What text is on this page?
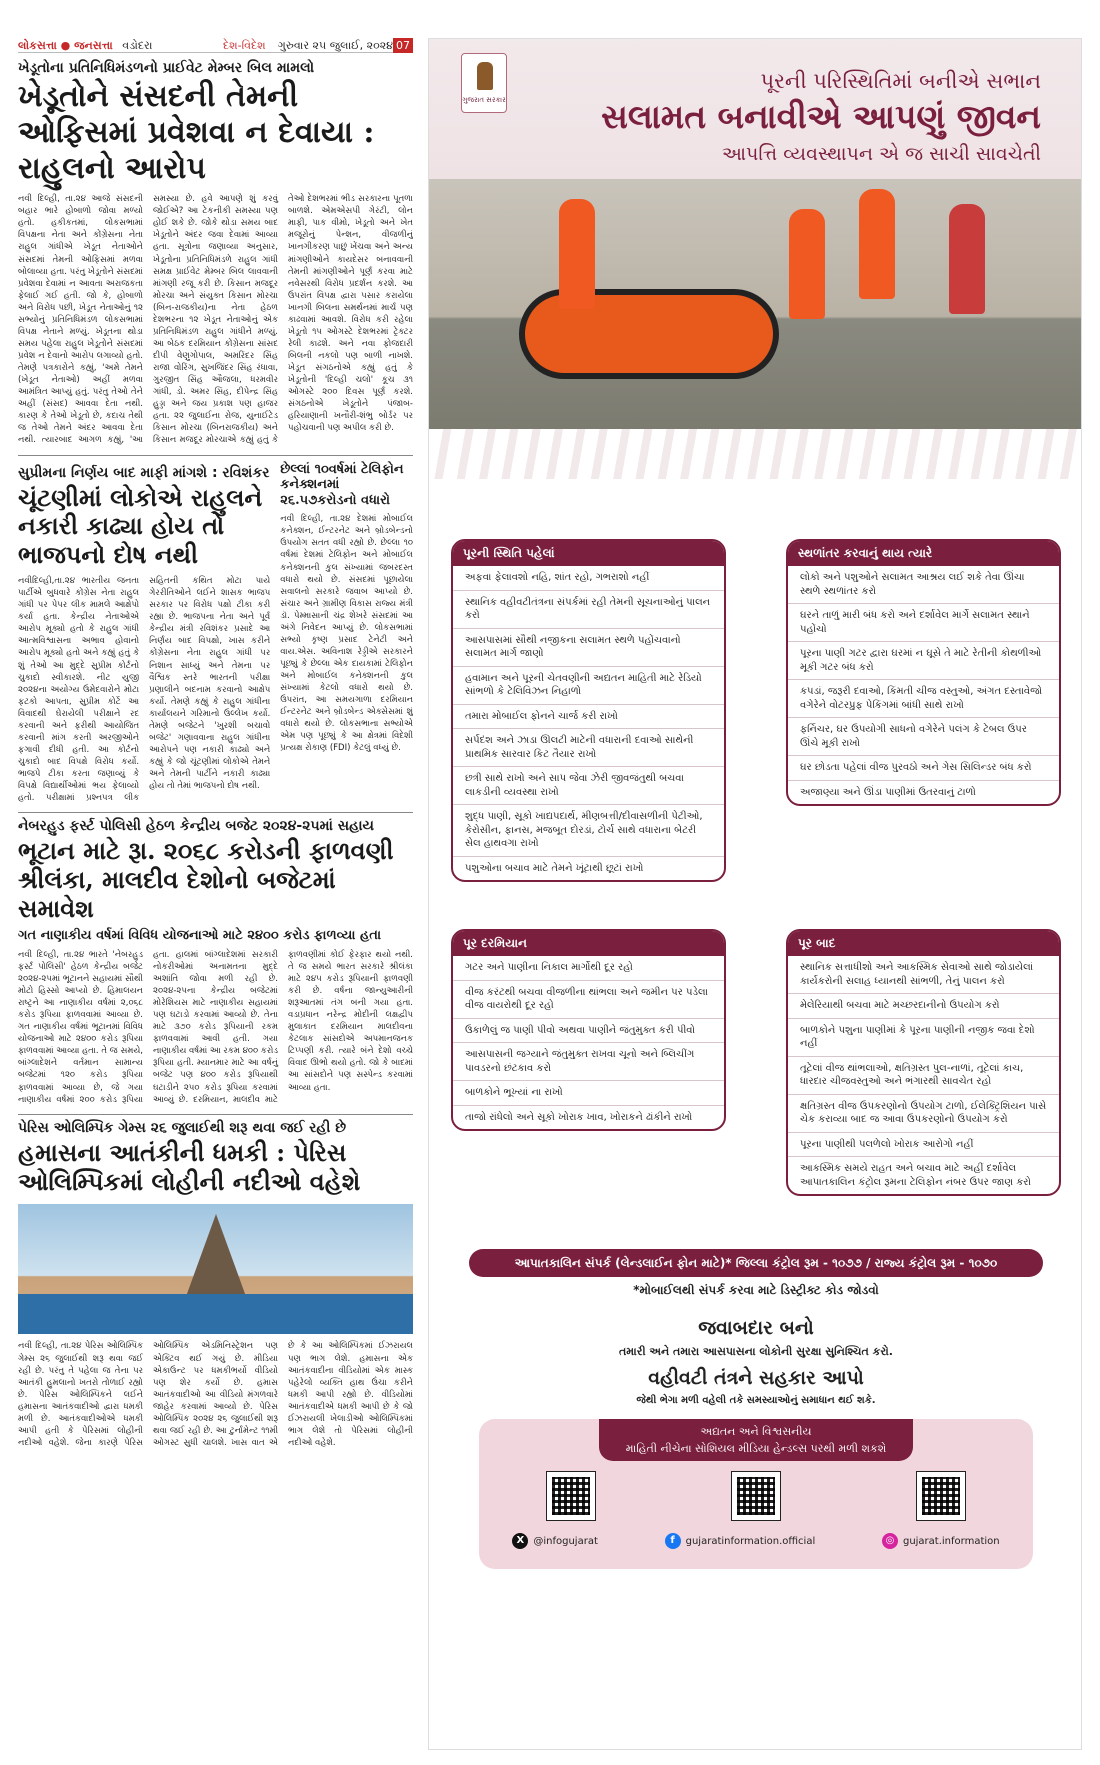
લોકસત્તા ● જનસત્તા વડોદરા	દેશ-વિદેશ ગુરુવાર ૨૫ જુલાઈ, ૨૦૨૪ 07
ખેડૂતોના પ્રતિનિધિમંડળનો પ્રાઈવેટ મેમ્બર બિલ મામલો
ખેડૂતોને સંસદની તેમની ઓફિસમાં પ્રવેશવા ન દેવાયા : રાહુલનો આરોપ
નવી દિલ્હી, તા.૨૪ આજે સંસદની બહાર ભારે હોબાળો જોવા મળ્યો હતો. હકીકતમાં, લોકસભામાં વિપક્ષના નેતા અને કોંગ્રેસના નેતા રાહુલ ગાંધીએ ખેડૂત નેતાઓને સંસદમાં તેમની ઓફિસમાં મળવા બોલાવ્યા હતા. પરંતુ ખેડૂતોને સંસદમાં પ્રવેશવા દેવામાં ન આવતા અરાજકતા ફેલાઈ ગઈ હતી. જો કે, હોબાળો અને વિરોધ પછી, ખેડૂત નેતાઓનું ૧૨ સભ્યોનું પ્રતિનિધિમંડળ લોકસભામાં વિપક્ષ નેતાને મળ્યું. ખેડૂતના થોડા સમય પહેલા રાહુલ ખેડૂતોને સંસદમાં પ્રવેશ ન દેવાનો આરોપ લગાવ્યો હતો. તેમણે પત્રકારોને કહ્યું, 'અમે તેમને (ખેડૂત નેતાઓ) અહીં મળવા આમંત્રિત આપ્યું હતું. પરંતુ તેઓ તેને અહીં (સંસદ) આવવા દેતા નથી. કારણ કે તેઓ ખેડૂતો છે, કદાચ તેથી જ તેઓ તેમને અંદર આવવા દેતા નથી. ત્યારબાદ આગળ કહ્યું, 'આ સમસ્યા છે. હવે આપણે શું કરવું જોઈએ? આ ટેકનીકી સમસ્યા પણ હોઈ શકે છે. જોકે થોડા સમય બાદ ખેડૂતોને અંદર જવા દેવામાં આવ્યા હતા. સૂત્રોના જણાવ્યા અનુસાર, ખેડૂતોના પ્રતિનિધિમંડળે રાહુલ ગાંધી સમક્ષ પ્રાઈવેટ મેમ્બર બિલ લાવવાની માંગણી રજૂ કરી છે. કિસાન મજદૂર મોરચા અને સંયુક્ત કિસાન મોરચા (બિન-રાજકીય)ના નેતા હેઠળ દેશભરના ૧૨ ખેડૂત નેતાઓનું એક પ્રતિનિધિમંડળ રાહુલ ગાંધીને મળ્યું. આ બેઠક દરમિયાન કોંગ્રેસના સાંસદ દીપી વેણુગોપાલ, અમરિંદર સિંહ રાજા વોરિંગ, સુખજિંદર સિંહ રંધાવા, ગુરજીત સિંહ ઔજલા, ધરમવીર ગાંધી, ડો. અમર સિંહ, દીપેન્દ્ર સિંહ હુડ્ડા અને જય પ્રકાશ પણ હાજર હતા. ૨૨ જુલાઈના રોજ, યુનાઈટેડ કિસાન મોરચા (બિનરાજકીય) અને કિસાન મજદૂર મોરચાએ કહ્યું હતું કે તેઓ દેશભરમાં ભીડ સરકારના પૂતળા બાળશે. એમએસપી ગેરંટી, લોન માફી, પાક વીમો, ખેડૂતો અને ખેત મજૂરોનું પેન્શન, વીજળીનું ખાનગીકરણ પાછું ખેંચવા અને અન્ય માંગણીઓને કાયદેસર બનાવવાની તેમની માંગણીઓને પૂર્ણ કરવા માટે નવેસરથી વિરોધ પ્રદર્શન કરશે. આ ઉપરાંત વિપક્ષ દ્વારા પસાર કરાયેલા ખાનગી બિલના સમર્થનમાં માર્ચ પણ કાઢવામાં આવશે. વિરોધ કરી રહેલા ખેડૂતો ૧૫ ઓગસ્ટે દેશભરમાં ટ્રેક્ટર રેલી કાઢશે. અને નવા ફોજદારી બિલની નકલો પણ બાળી નાખશે. ખેડૂત સંગઠનોએ કહ્યું હતું કે ખેડૂતોની 'દિલ્હી ચલો' કૂચ ૩૧ ઓગસ્ટે ૨૦૦ દિવસ પૂર્ણ કરશે. સંગઠનોએ ખેડૂતોને પંજાબ-હરિયાણાની ખનૌરી-શંભુ બોર્ડર પર પહોંચવાની પણ અપીલ કરી છે.
સુપ્રીમના નિર્ણય બાદ માફી માંગશે : રવિશંકર
ચૂંટણીમાં લોકોએ રાહુલને નકારી કાઢ્યા હોય તો ભાજપનો દોષ નથી
નવીદિલ્હી,તા.૨૪ ભારતીય જનતા પાર્ટીએ બુધવારે કોંગ્રેસ નેતા રાહુલ ગાંધી પર પેપર લીક મામલે આક્ષેપો કર્યા હતા. કેન્દ્રીય નેતાઓએ આરોપ મૂક્યો હતો કે રાહુલ ગાંધી આત્મવિશ્વાસના અભાવ હોવાનો આરોપ મૂક્યો હતો અને કહ્યું હતું કે શું તેઓ આ મુદ્દે સુપ્રીમ કોર્ટનો ચુકાદો સ્વીકારશે. નીટ યુજી ૨૦૨૪ના અયોગ્ય ઉમેદવારોને મોટા ફટકો આપતા, સુપ્રીમ કોર્ટે આ વિવાદથી ઘેરાયેલી પરીક્ષાને રદ કરવાની અને ફરીથી આયોજિત કરવાની માંગ કરતી અરજીઓને ફગાવી દીધી હતી. આ કોર્ટનો ચુકાદો બાદ વિપક્ષે વિરોધ કર્યો. ભાજપે ટીકા કરતા જણાવ્યું કે વિપક્ષે વિદ્યાર્થીઓમાં ભય ફેલાવ્યો હતો. પરીક્ષામાં પ્રશ્નપત્ર લીક સહિતની કથિત મોટા પાયે ગેરરીતિઓને લઈને શાસક ભાજપ સરકાર પર વિરોધ પક્ષો ટીકા કરી રહ્યા છે. ભાજપના નેતા અને પૂર્વ કેન્દ્રીય મંત્રી રવિશંકર પ્રસાદે આ નિર્ણય બાદ વિપક્ષો, ખાસ કરીને કોંગ્રેસના નેતા રાહુલ ગાંધી પર નિશાન સાધ્યું અને તેમના પર વૈશ્વિક સ્તરે ભારતની પરીક્ષા પ્રણાલીને બદનામ કરવાનો આક્ષેપ કર્યો. તેમણે કહ્યું કે રાહુલ ગાંધીના કાર્યાલયને ગરિમાનો ઉલ્લેખ કર્યો. તેમણે બજેટને 'ખુરશી બચાવો બજેટ' ગણાવવાના રાહુલ ગાંધીના આરોપને પણ નકારી કાઢ્યો અને કહ્યું કે જો ચૂંટણીમાં લોકોએ તેમને અને તેમની પાર્ટીને નકારી કાઢ્યા હોય તો તેમાં ભાજપનો દોષ નથી.
છેલ્લાં ૧૦વર્ષમાં ટેલિફોન કનેક્શનમાં ૨૬.૫૭કરોડનો વધારો
નવી દિલ્હી, તા.૨૪ દેશમાં મોબાઈલ કનેક્શન, ઈન્ટરનેટ અને બ્રોડબેન્ડનો ઉપયોગ સતત વધી રહ્યો છે. છેલ્લા ૧૦ વર્ષમાં દેશમાં ટેલિફોન અને મોબાઈલ કનેક્શનની કુલ સંખ્યામાં જબરદસ્ત વધારો થયો છે. સંસદમાં પૂછાયેલા સવાલનો સરકારે જવાબ આપ્યો છે. સંચાર અને ગ્રામીણ વિકાસ રાજ્ય મંત્રી ડૉ. પેમ્માસાની ચંદ્ર શેખરે સંસદમાં આ અંગે નિવેદન આપ્યું છે. લોકસભામાં સભ્યો કૃષ્ણ પ્રસાદ ટેનેટી અને વાય.એસ. અવિનાશ રેડ્ડીએ સરકારને પૂછ્યું કે છેલ્લા એક દાયકામાં ટેલિફોન અને મોબાઈલ કનેક્શનની કુલ સંખ્યામાં કેટલો વધારો થયો છે. ઉપરાંત, આ સમયગાળા દરમિયાન ઈન્ટરનેટ અને બ્રોડબેન્ડ એક્સેસમાં શું વધારો થયો છે. લોકસભાના સભ્યોએ એમ પણ પૂછ્યું કે આ ક્ષેત્રમાં વિદેશી પ્રત્યક્ષ રોકાણ (FDI) કેટલું વધ્યું છે.
નેબરહુડ ફર્સ્ટ પોલિસી હેઠળ કેન્દ્રીય બજેટ ૨૦૨૪-૨૫માં સહાય
ભૂટાન માટે રૂા. ૨૦૬૮ કરોડની ફાળવણી શ્રીલંકા, માલદીવ દેશોનો બજેટમાં સમાવેશ
ગત નાણાકીય વર્ષમાં વિવિધ યોજનાઓ માટે ૨૪૦૦ કરોડ ફાળવ્યા હતા
નવી દિલ્હી, તા.૨૪ ભારતે 'નેબરહુડ ફર્સ્ટ પોલિસી' હેઠળ કેન્દ્રીય બજેટ ૨૦૨૪-૨૫માં ભૂટાનને સહાયમાં સૌથી મોટો હિસ્સો આપ્યો છે. હિમાલયન રાષ્ટ્રને આ નાણાકીય વર્ષમાં ૨,૦૬૮ કરોડ રૂપિયા ફાળવવામાં આવ્યા છે. ગત નાણાકીય વર્ષમાં ભૂટાનમાં વિવિધ યોજનાઓ માટે ૨૪૦૦ કરોડ રૂપિયા ફાળવવામાં આવ્યા હતા. તે જ સમયે, બાંગ્લાદેશને વર્તમાન સામાન્ય બજેટમાં ૧૨૦ કરોડ રૂપિયા ફાળવવામાં આવ્યા છે, જે ગયા નાણાકીય વર્ષમાં ૨૦૦ કરોડ રૂપિયા હતા. હાલમાં બાંગ્લાદેશમાં સરકારી નોકરીઓમાં અનામતના મુદ્દે અશાંતિ જોવા મળી રહી છે. ૨૦૨૪-૨૫ના કેન્દ્રીય બજેટમાં મોરેશિયસ માટે નાણાકીય સહાયમાં પણ ઘટાડો કરવામાં આવ્યો છે. તેના માટે ૩૭૦ કરોડ રૂપિયાની રકમ ફાળવવામાં આવી હતી. ગયા નાણાકીય વર્ષમાં આ રકમ ૪૦૦ કરોડ રૂપિયા હતી. મ્યાનમાર માટે આ વર્ષનું બજેટ પણ ૪૦૦ કરોડ રૂપિયાથી ઘટાડીને ૨૫૦ કરોડ રૂપિયા કરવામાં આવ્યું છે. દરમિયાન, માલદીવ માટે ફાળવણીમાં કોઈ ફેરફાર થયો નથી. તે જ સમયે ભારત સરકારે શ્રીલંકા માટે ૨૪૫ કરોડ રૂપિયાની ફાળવણી કરી છે. વર્ષના જાન્યુઆરીની શરૂઆતમાં તંગ બની ગયા હતા. વડાપ્રધાન નરેન્દ્ર મોદીની લક્ષદ્વીપ મુલાકાત દરમિયાન માલદીવના કેટલાક સાંસદોએ અપમાનજનક ટિપ્પણી કરી. ત્યારે બંને દેશો વચ્ચે વિવાદ ઊભો થયો હતો. જો કે બાદમાં આ સાંસદોને પણ સસ્પેન્ડ કરવામાં આવ્યા હતા.
પેરિસ ઓલિમ્પિક ગેમ્સ ૨૬ જુલાઈથી શરૂ થવા જઈ રહી છે
હમાસના આતંકીની ધમકી : પેરિસ ઓલિમ્પિકમાં લોહીની નદીઓ વહેશે
નવી દિલ્હી, તા.૨૪ પેરિસ ઓલિમ્પિક ગેમ્સ ૨૬ જુલાઈથી શરૂ થવા જઈ રહી છે. પરંતુ તે પહેલા જ તેના પર આતંકી હુમલાનો ખતરો તોળાઈ રહ્યો છે. પેરિસ ઓલિમ્પિકને લઈને હમાસના આતંકવાદીઓ દ્વારા ધમકી મળી છે. આતંકવાદીઓએ ધમકી આપી હતી કે પેરિસમાં લોહીની નદીઓ વહેશે. જેના કારણે પેરિસ ઓલિમ્પિક એડમિનિસ્ટ્રેશન પણ એક્ટિવ થઈ ગયું છે. મીડિયા એકાઉન્ટ પર ધમકીભર્યો વીડિયો પણ શેર કર્યો છે. હમાસ આતંકવાદીઓ આ વીડિયો મંગળવારે જાહેર કરવામાં આવ્યો છે. પેરિસ ઓલિમ્પિક ૨૦૨૪ ૨૬ જુલાઈથી શરૂ થવા જઈ રહી છે. આ ટુર્નામેન્ટ ૧૧મી ઓગસ્ટ સુધી ચાલશે. ખાસ વાત એ છે કે આ ઓલિમ્પિકમાં ઈઝરાયલ પણ ભાગ લેશે. હમાસના એક આતંકવાદીના વીડિયોમાં એક માસ્ક પહેરેલો વ્યક્તિ હાથ ઉંચા કરીને ધમકી આપી રહ્યો છે. વીડિયોમાં આતંકવાદીએ ધમકી આપી છે કે જો ઈઝરાયલી ખેલાડીઓ ઓલિમ્પિકમાં ભાગ લેશે તો પેરિસમાં લોહીની નદીઓ વહેશે.
ગુજરાત સરકાર
પૂરની પરિસ્થિતિમાં બનીએ સભાન
સલામત બનાવીએ આપણું જીવન
આપત્તિ વ્યવસ્થાપન એ જ સાચી સાવચેતી
પૂરની સ્થિતિ પહેલાં
અફવા ફેલાવશો નહિ, શાંત રહો, ગભરાશો નહીં
સ્થાનિક વહીવટીતંત્રના સંપર્કમાં રહી તેમની સૂચનાઓનું પાલન કરો
આસપાસમાં સૌથી નજીકના સલામત સ્થળે પહોંચવાનો સલામત માર્ગ જાણો
હવામાન અને પૂરની ચેતવણીની અદ્યતન માહિતી માટે રેડિયો સાંભળો કે ટેલિવિઝન નિહાળો
તમારા મોબાઈલ ફોનને ચાર્જ કરી રાખો
સર્પદંશ અને ઝાડા ઊલટી માટેની વધારાની દવાઓ સાથેની પ્રાથમિક સારવાર કિટ તૈયાર રાખો
છત્રી સાથે રાખો અને સાપ જેવા ઝેરી જીવજંતુથી બચવા લાકડીની વ્યવસ્થા રાખો
શુદ્ધ પાણી, સૂકો ખાદ્યપદાર્થ, મીણબત્તી/દીવાસળીની પેટીઓ, કેરોસીન, ફાનસ, મજબૂત દોરડાં, ટોર્ચ સાથે વધારાના બેટરી સેલ હાથવગા રાખો
પશુઓના બચાવ માટે તેમને ખૂંટાથી છૂટાં રાખો
સ્થળાંતર કરવાનું થાય ત્યારે
લોકો અને પશુઓને સલામત આશ્રય લઈ શકે તેવા ઊંચા સ્થળે સ્થળાંતર કરો
ઘરને તાળું મારી બંધ કરો અને દર્શાવેલ માર્ગે સલામત સ્થાને પહોંચો
પૂરના પાણી ગટર દ્વારા ઘરમાં ન ઘૂસે તે માટે રેતીની કોથળીઓ મૂકી ગટર બંધ કરો
કપડાં, જરૂરી દવાઓ, કિંમતી ચીજ વસ્તુઓ, અંગત દસ્તાવેજો વગેરેને વોટરપ્રુફ પેકિંગમાં બાંધી સાથે રાખો
ફર્નિચર, ઘર ઉપયોગી સાધનો વગેરેને પલંગ કે ટેબલ ઉપર ઊંચે મૂકી રાખો
ઘર છોડતા પહેલાં વીજ પુરવઠો અને ગેસ સિલિન્ડર બંધ કરો
અજાણ્યા અને ઊંડા પાણીમાં ઉતરવાનું ટાળો
પૂર દરમિયાન
ગટર અને પાણીના નિકાલ માર્ગોથી દૂર રહો
વીજ કરંટથી બચવા વીજળીના થાંભલા અને જમીન પર પડેલા વીજ વાયરોથી દૂર રહો
ઉકાળેલું જ પાણી પીવો અથવા પાણીને જંતુમુક્ત કરી પીવો
આસપાસની જગ્યાને જંતુમુક્ત રાખવા ચૂનો અને બ્લિચીંગ પાવડરનો છંટકાવ કરો
બાળકોને ભૂખ્યાં ના રાખો
તાજો રાંધેલો અને સૂકો ખોરાક ખાવ, ખોરાકને ઢાંકીને રાખો
પૂર બાદ
સ્થાનિક સત્તાધીશો અને આકસ્મિક સેવાઓ સાથે જોડાયેલાં કાર્યકરોની સલાહ ધ્યાનથી સાંભળી, તેનું પાલન કરો
મેલેરિયાથી બચવા માટે મચ્છરદાનીનો ઉપયોગ કરો
બાળકોને પશુના પાણીમાં કે પૂરના પાણીની નજીક જવા દેશો નહીં
તૂટેલાં વીજ થાંભલાઓ, ક્ષતિગ્રસ્ત પુલ-નાળાં, તૂટેલાં કાચ, ધારદાર ચીજવસ્તુઓ અને ભંગારથી સાવચેત રહો
ક્ષતિગ્રસ્ત વીજ ઉપકરણોનો ઉપયોગ ટાળો, ઈલેક્ટ્રિશિયન પાસે ચેક કરાવ્યા બાદ જ આવા ઉપકરણોનો ઉપયોગ કરો
પૂરના પાણીથી પલળેલો ખોરાક આરોગો નહીં
આકસ્મિક સમયે રાહત અને બચાવ માટે અહીં દર્શાવેલ આપાતકાલિન કંટ્રોલ રૂમના ટેલિફોન નંબર ઉપર જાણ કરો
આપાતકાલિન સંપર્ક (લેન્ડલાઈન ફોન માટે)* જિલ્લા કંટ્રોલ રૂમ - ૧૦૭૭ / રાજ્ય કંટ્રોલ રૂમ - ૧૦૭૦
*મોબાઈલથી સંપર્ક કરવા માટે ડિસ્ટ્રીક્ટ કોડ જોડવો
જવાબદાર બનો
તમારી અને તમારા આસપાસના લોકોની સુરક્ષા સુનિશ્ચિત કરો.
વહીવટી તંત્રને સહકાર આપો
જેથી ભેગા મળી વહેલી તકે સમસ્યાઓનું સમાધાન થઈ શકે.
અદ્યતન અને વિશ્વસનીય
માહિતી નીચેના સોશિયલ મીડિયા હેન્ડલ્સ પરથી મળી શકશે
X @infogujarat	f	gujaratinformation.official	◎ gujarat.information
